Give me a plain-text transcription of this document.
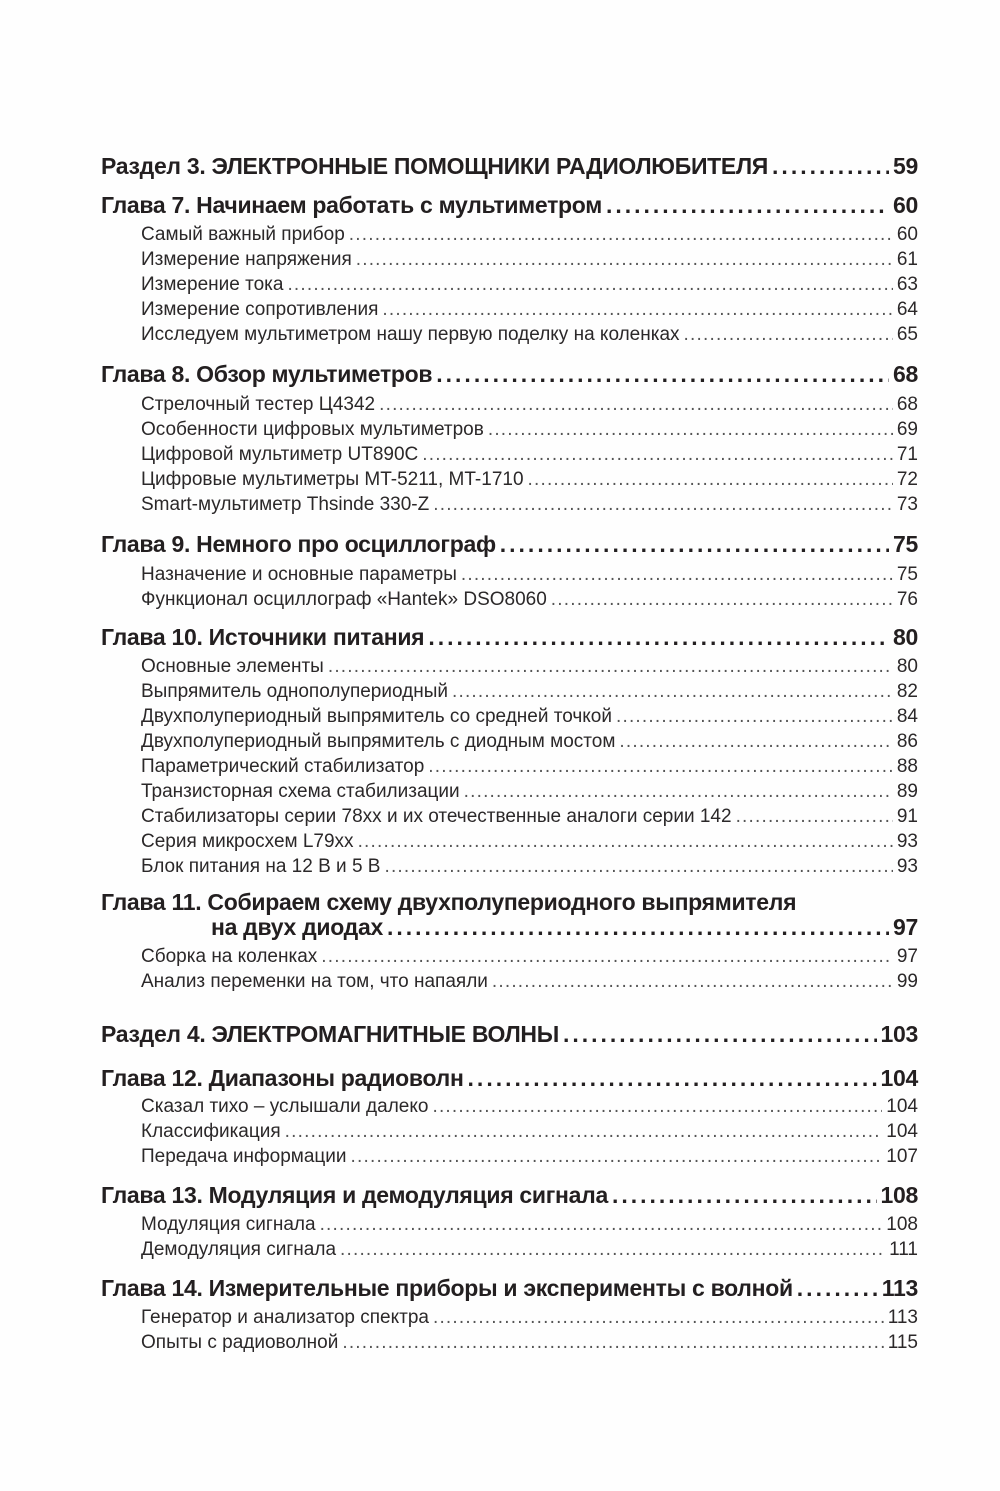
Раздел 3. ЭЛЕКТРОННЫЕ ПОМОЩНИКИ РАДИОЛЮБИТЕЛЯ .....	59
Глава 7. Начинаем работать с мультиметром .....	60
Самый важный прибор .....	60
Измерение напряжения .....	61
Измерение тока .....	63
Измерение сопротивления .....	64
Исследуем мультиметром нашу первую поделку на коленках .....	65
Глава 8. Обзор мультиметров .....	68
Стрелочный тестер Ц4342 .....	68
Особенности цифровых мультиметров .....	69
Цифровой мультиметр UT890C .....	71
Цифровые мультиметры MT-5211, MT-1710 .....	72
Smart-мультиметр Thsinde 330-Z .....	73
Глава 9. Немного про осциллограф .....	75
Назначение и основные параметры .....	75
Функционал осциллограф «Hantek» DSO8060 .....	76
Глава 10. Источники питания .....	80
Основные элементы .....	80
Выпрямитель однополупериодный .....	82
Двухполупериодный выпрямитель со средней точкой .....	84
Двухполупериодный выпрямитель с диодным мостом .....	86
Параметрический стабилизатор .....	88
Транзисторная схема стабилизации .....	89
Стабилизаторы серии 78хх и их отечественные аналоги серии 142 .....	91
Серия микросхем L79xx .....	93
Блок питания на 12 В и 5 В .....	93
Глава 11. Собираем схему двухполупериодного выпрямителя
на двух диодах .....	97
Сборка на коленках .....	97
Анализ переменки на том, что напаяли .....	99
Раздел 4. ЭЛЕКТРОМАГНИТНЫЕ ВОЛНЫ .....	103
Глава 12. Диапазоны радиоволн .....	104
Сказал тихо – услышали далеко .....	104
Классификация .....	104
Передача информации .....	107
Глава 13. Модуляция и демодуляция сигнала .....	108
Модуляция сигнала .....	108
Демодуляция сигнала .....	111
Глава 14. Измерительные приборы и эксперименты с волной .....	113
Генератор и анализатор спектра .....	113
Опыты с радиоволной .....	115
